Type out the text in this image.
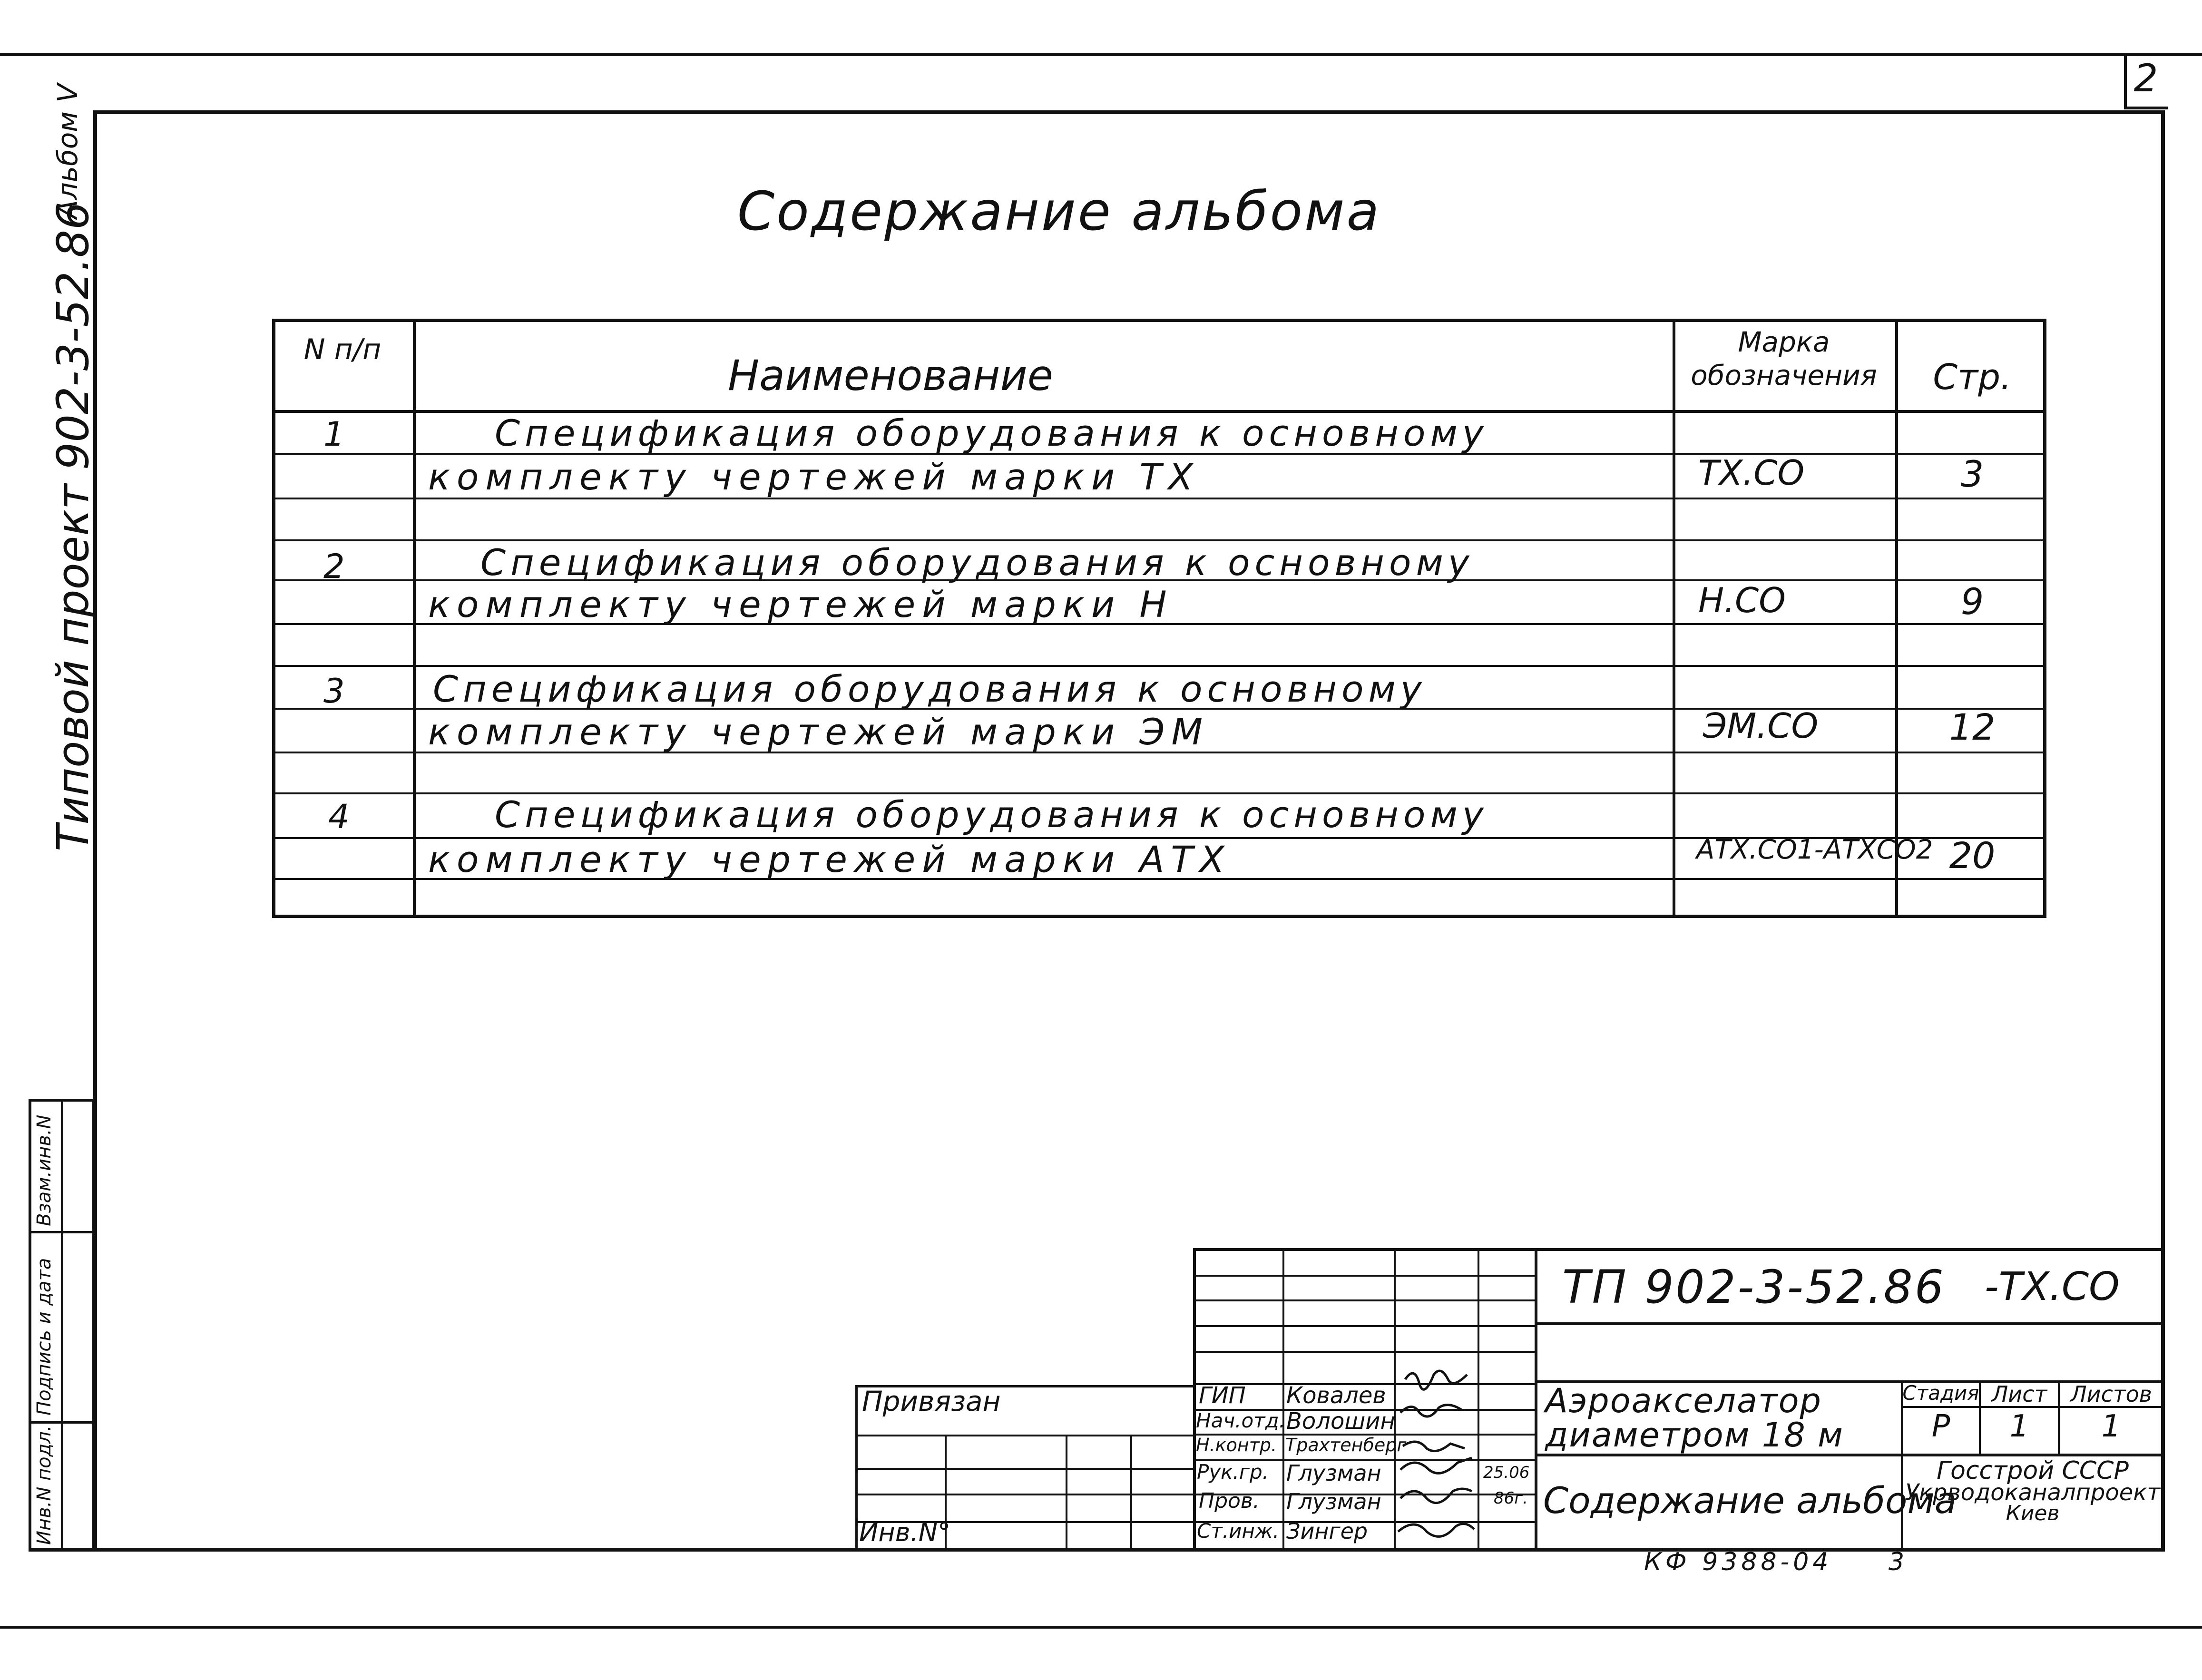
2
Альбом V
Типовой проект 902-3-52.86
Инв.N подл.
Подпись и дата
Взам.инв.N
Содержание альбома
N п/п
Наименование
Марка обозначения	Стр.
1	Спецификация оборудования к основному
комплекту чертежей марки ТХ	ТХ.СО	3
2	Спецификация оборудования к основному
комплекту чертежей марки Н	Н.СО	9
3 Спецификация оборудования к основному
комплекту чертежей марки ЭМ	ЭМ.СО	12
4	Спецификация оборудования к основному
комплекту чертежей марки АТХ	АТХ.СО1-АТХСО2 20
Привязан
Инв.N°
ТП 902-3-52.86 -ТХ.СО
ГИП Ковалев
Нач.отд. Волошин
Н.контр. Трахтенберг
Рук.гр. Глузман
Пров. Глузман
Ст.инж. Зингер
25.06
86г.
Аэроакселатор
диаметром 18 м
Содержание альбома
Стадия Лист	Листов
Р	1	1
Госстрой СССР
Укрводоканалпроект
Киев
КФ 9388-04 3
